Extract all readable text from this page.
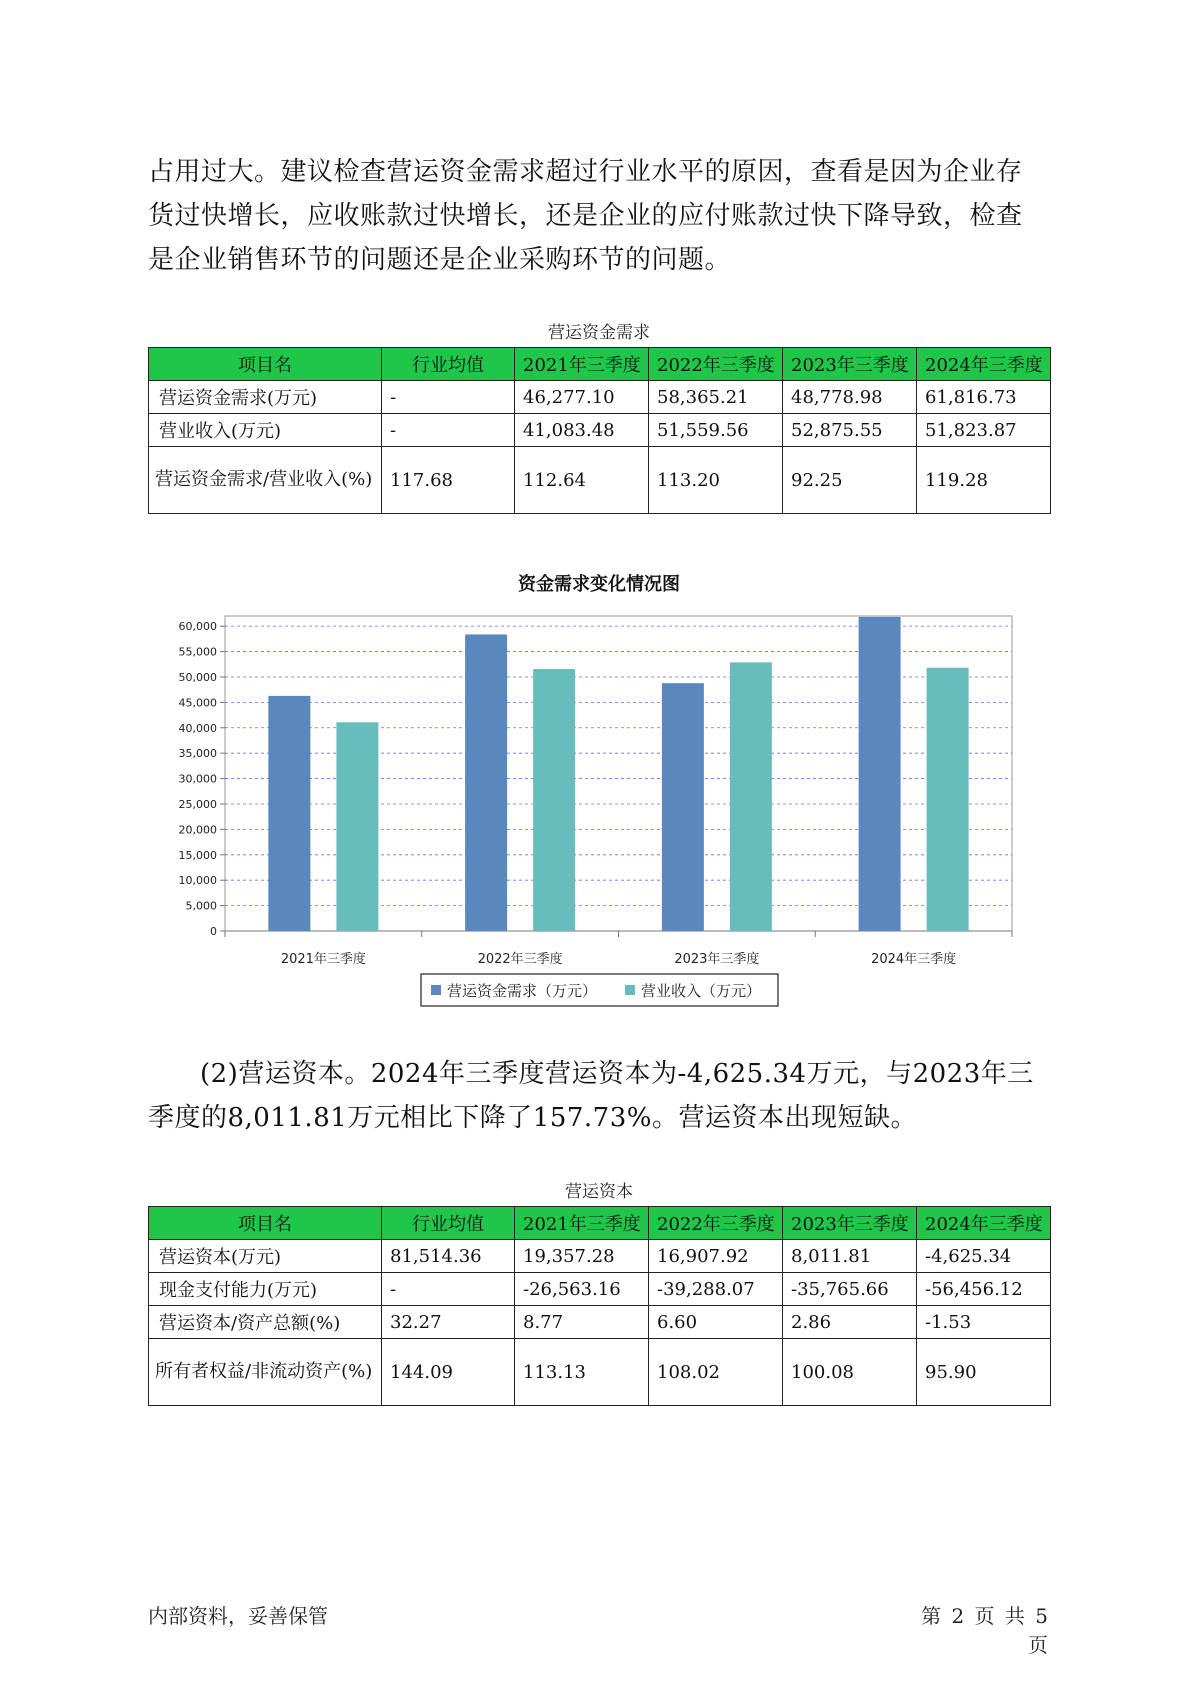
占用过大。建议检查营运资金需求超过行业水平的原因，查看是因为企业存货过快增长，应收账款过快增长，还是企业的应付账款过快下降导致，检查是企业销售环节的问题还是企业采购环节的问题。

营运资金需求
项目名	行业均值	2021年三季度	2022年三季度	2023年三季度	2024年三季度
营运资金需求(万元)	-	46,277.10	58,365.21	48,778.98	61,816.73
营业收入(万元)	-	41,083.48	51,559.56	52,875.55	51,823.87
营运资金需求/营业收入(%)	117.68	112.64	113.20	92.25	119.28
资金需求变化情况图
0
5,000
10,000
15,000
20,000
25,000
30,000
35,000
40,000
45,000
50,000
55,000
60,000
2021年三季度	2022年三季度	2023年三季度	2024年三季度
营运资金需求（万元）	营业收入（万元）

(2)营运资本。2024年三季度营运资本为-4,625.34万元，与2023年三季度的8,011.81万元相比下降了157.73%。营运资本出现短缺。

营运资本
项目名	行业均值	2021年三季度	2022年三季度	2023年三季度	2024年三季度
营运资本(万元)	81,514.36	19,357.28	16,907.92	8,011.81	-4,625.34
现金支付能力(万元)	-	-26,563.16	-39,288.07	-35,765.66	-56,456.12
营运资本/资产总额(%)	32.27	8.77	6.60	2.86	-1.53
所有者权益/非流动资产(%)	144.09	113.13	108.02	100.08	95.90
内部资料，妥善保管	第 2 页 共 5 页
